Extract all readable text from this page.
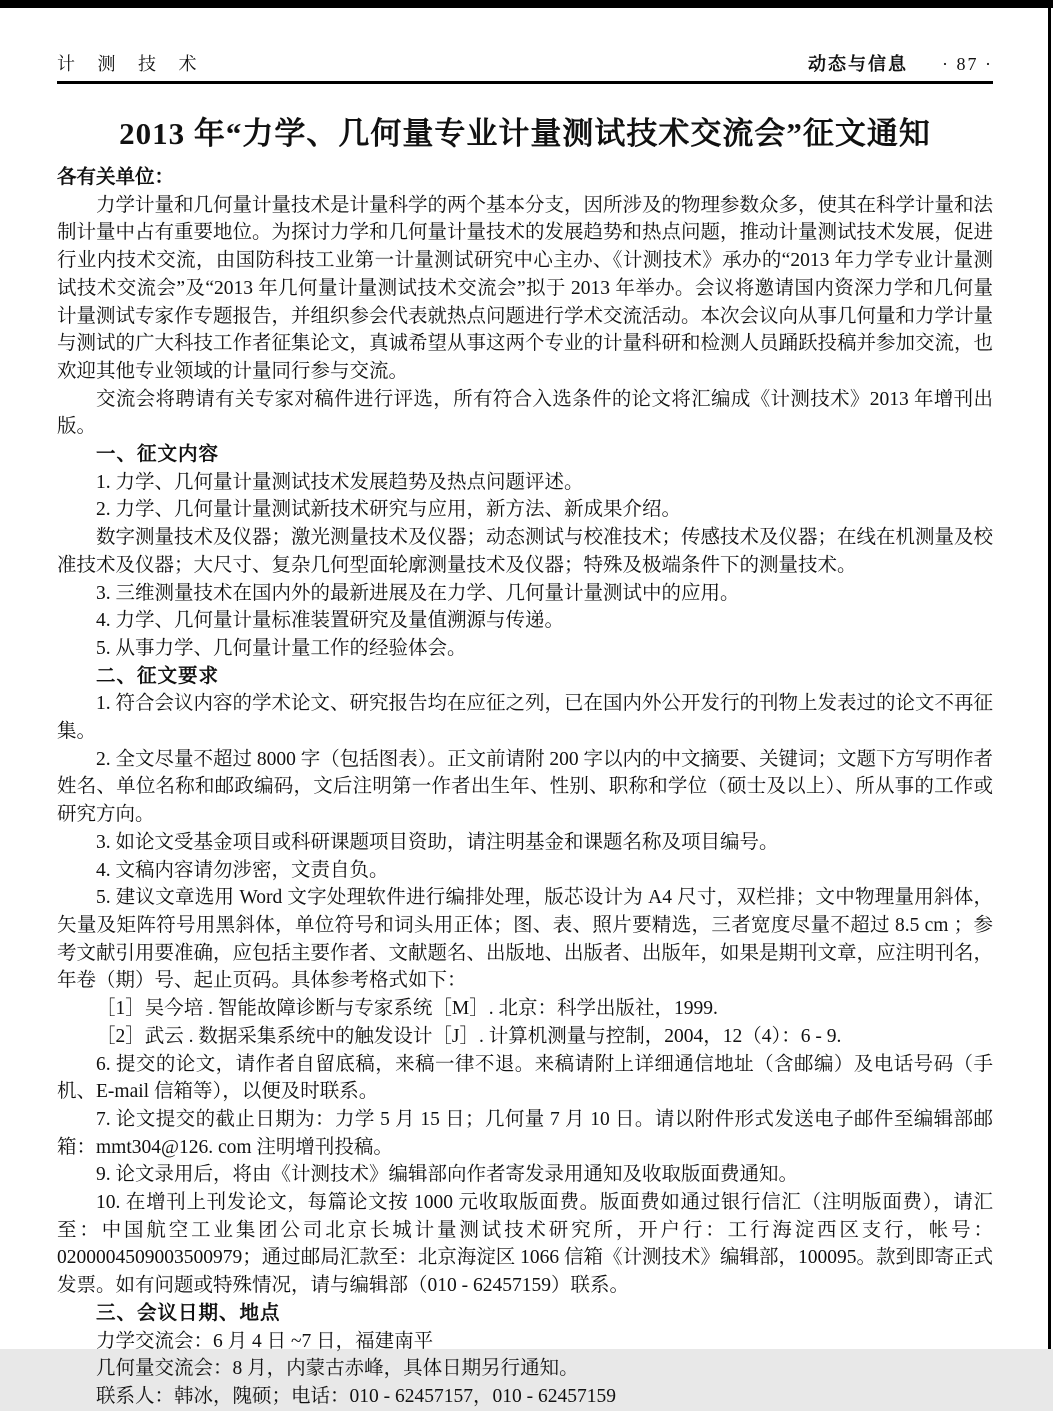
计 测 技 术	动态与信息 · 87 ·
2013 年“力学、几何量专业计量测试技术交流会”征文通知

各有关单位：

力学计量和几何量计量技术是计量科学的两个基本分支，因所涉及的物理参数众多，使其在科学计量和法制计量中占有重要地位。为探讨力学和几何量计量技术的发展趋势和热点问题，推动计量测试技术发展，促进行业内技术交流，由国防科技工业第一计量测试研究中心主办、《计测技术》承办的“2013 年力学专业计量测试技术交流会”及“2013 年几何量计量测试技术交流会”拟于 2013 年举办。会议将邀请国内资深力学和几何量计量测试专家作专题报告，并组织参会代表就热点问题进行学术交流活动。本次会议向从事几何量和力学计量与测试的广大科技工作者征集论文，真诚希望从事这两个专业的计量科研和检测人员踊跃投稿并参加交流，也欢迎其他专业领域的计量同行参与交流。

交流会将聘请有关专家对稿件进行评选，所有符合入选条件的论文将汇编成《计测技术》2013 年增刊出版。

一、征文内容

1. 力学、几何量计量测试技术发展趋势及热点问题评述。

2. 力学、几何量计量测试新技术研究与应用，新方法、新成果介绍。

数字测量技术及仪器；激光测量技术及仪器；动态测试与校准技术；传感技术及仪器；在线在机测量及校准技术及仪器；大尺寸、复杂几何型面轮廓测量技术及仪器；特殊及极端条件下的测量技术。

3. 三维测量技术在国内外的最新进展及在力学、几何量计量测试中的应用。

4. 力学、几何量计量标准装置研究及量值溯源与传递。

5. 从事力学、几何量计量工作的经验体会。

二、征文要求

1. 符合会议内容的学术论文、研究报告均在应征之列，已在国内外公开发行的刊物上发表过的论文不再征集。

2. 全文尽量不超过 8000 字（包括图表）。正文前请附 200 字以内的中文摘要、关键词；文题下方写明作者姓名、单位名称和邮政编码，文后注明第一作者出生年、性别、职称和学位（硕士及以上）、所从事的工作或研究方向。

3. 如论文受基金项目或科研课题项目资助，请注明基金和课题名称及项目编号。

4. 文稿内容请勿涉密，文责自负。

5. 建议文章选用 Word 文字处理软件进行编排处理，版芯设计为 A4 尺寸，双栏排；文中物理量用斜体，矢量及矩阵符号用黑斜体，单位符号和词头用正体；图、表、照片要精选，三者宽度尽量不超过 8.5 cm ；参考文献引用要准确，应包括主要作者、文献题名、出版地、出版者、出版年，如果是期刊文章，应注明刊名，年卷（期）号、起止页码。具体参考格式如下：

［1］吴今培 . 智能故障诊断与专家系统［M］. 北京：科学出版社，1999.

［2］武云 . 数据采集系统中的触发设计［J］. 计算机测量与控制，2004，12（4）：6 - 9.

6. 提交的论文，请作者自留底稿，来稿一律不退。来稿请附上详细通信地址（含邮编）及电话号码（手机、E-mail 信箱等），以便及时联系。

7. 论文提交的截止日期为：力学 5 月 15 日；几何量 7 月 10 日。请以附件形式发送电子邮件至编辑部邮箱：mmt304@126. com 注明增刊投稿。

9. 论文录用后，将由《计测技术》编辑部向作者寄发录用通知及收取版面费通知。

10. 在增刊上刊发论文，每篇论文按 1000 元收取版面费。版面费如通过银行信汇（注明版面费），请汇至：中国航空工业集团公司北京长城计量测试技术研究所，开户行：工行海淀西区支行，帐号：0200004509003500979；通过邮局汇款至：北京海淀区 1066 信箱《计测技术》编辑部，100095。款到即寄正式发票。如有问题或特殊情况，请与编辑部（010 - 62457159）联系。

三、会议日期、地点

力学交流会：6 月 4 日 ~7 日，福建南平

几何量交流会：8 月，内蒙古赤峰，具体日期另行通知。

联系人：韩冰，隗硕；电话：010 - 62457157，010 - 62457159
